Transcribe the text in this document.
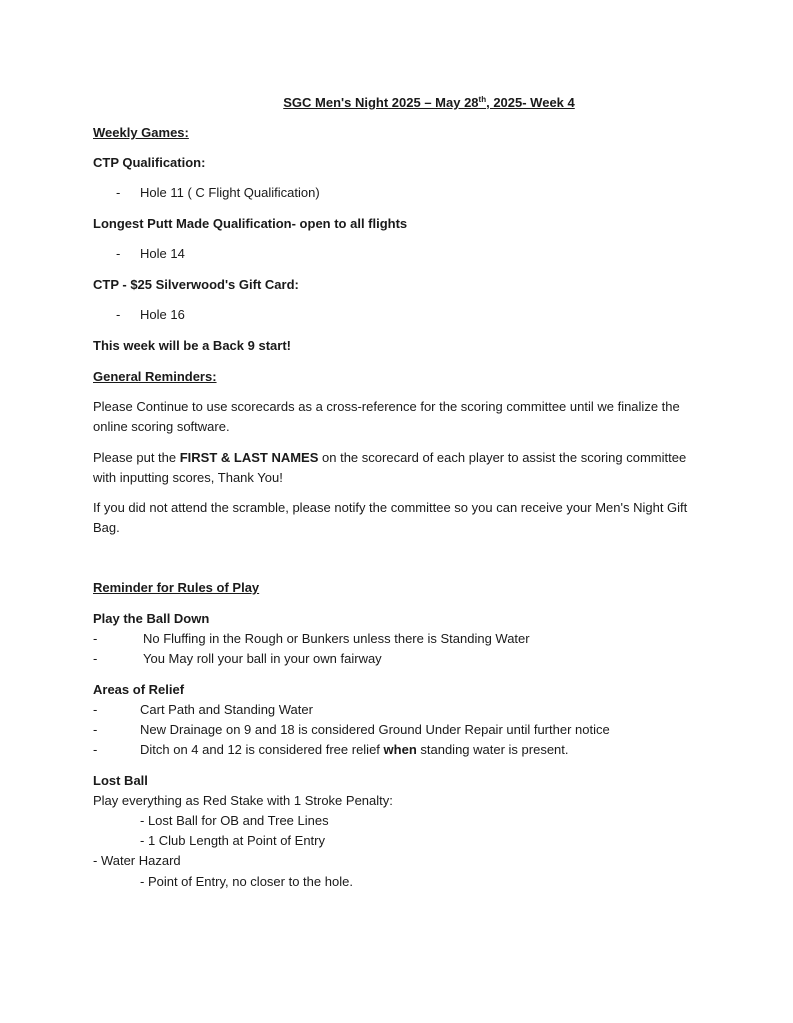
SGC Men's Night 2025 – May 28th, 2025- Week 4
Weekly Games:
CTP Qualification:
- Hole 11 ( C Flight Qualification)
Longest Putt Made Qualification- open to all flights
- Hole 14
CTP - $25 Silverwood's Gift Card:
- Hole 16
This week will be a Back 9 start!
General Reminders:
Please Continue to use scorecards as a cross-reference for the scoring committee until we finalize the online scoring software.
Please put the FIRST & LAST NAMES on the scorecard of each player to assist the scoring committee with inputting scores, Thank You!
If you did not attend the scramble, please notify the committee so you can receive your Men's Night Gift Bag.
Reminder for Rules of Play
Play the Ball Down
-	No Fluffing in the Rough or Bunkers unless there is Standing Water
-	You May roll your ball in your own fairway
Areas of Relief
-	Cart Path and Standing Water
-	New Drainage on 9 and 18 is considered Ground Under Repair until further notice
-	Ditch on 4 and 12 is considered free relief when standing water is present.
Lost Ball
Play everything as Red Stake with 1 Stroke Penalty:
- Lost Ball for OB and Tree Lines
- 1 Club Length at Point of Entry
- Water Hazard
- Point of Entry, no closer to the hole.
